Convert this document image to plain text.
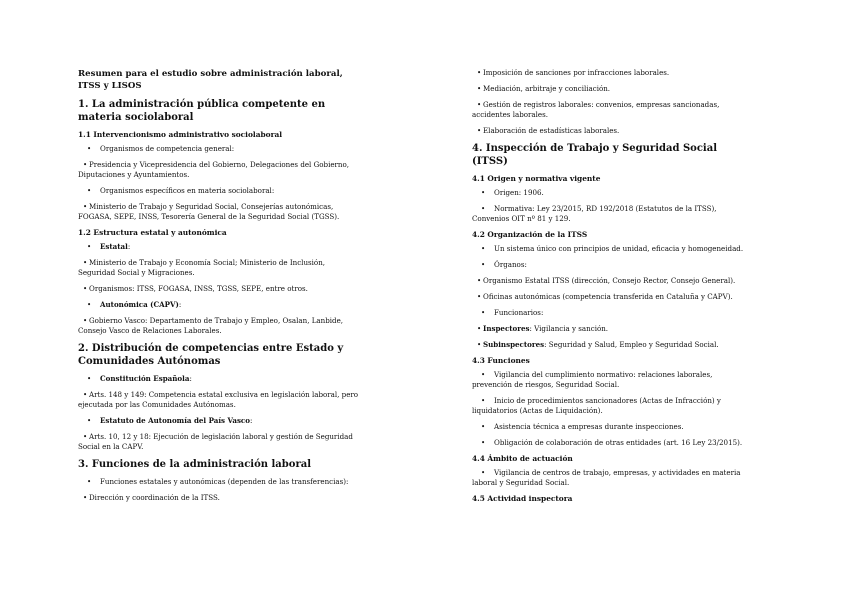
Resumen para el estudio sobre administración laboral, ITSS y LISOS

1. La administración pública competente en materia sociolaboral
1.1 Intervencionismo administrativo sociolaboral

• Organismos de competencia general:

• Presidencia y Vicepresidencia del Gobierno, Delegaciones del Gobierno, Diputaciones y Ayuntamientos.

• Organismos específicos en materia sociolaboral:

• Ministerio de Trabajo y Seguridad Social, Consejerías autonómicas, FOGASA, SEPE, INSS, Tesorería General de la Seguridad Social (TGSS).

1.2 Estructura estatal y autonómica

• Estatal:

• Ministerio de Trabajo y Economía Social; Ministerio de Inclusión, Seguridad Social y Migraciones.

• Organismos: ITSS, FOGASA, INSS, TGSS, SEPE, entre otros.

• Autonómica (CAPV):

• Gobierno Vasco: Departamento de Trabajo y Empleo, Osalan, Lanbide, Consejo Vasco de Relaciones Laborales.

2. Distribución de competencias entre Estado y Comunidades Autónomas

• Constitución Española:

• Arts. 148 y 149: Competencia estatal exclusiva en legislación laboral, pero ejecutada por las Comunidades Autónomas.

• Estatuto de Autonomía del País Vasco:

• Arts. 10, 12 y 18: Ejecución de legislación laboral y gestión de Seguridad Social en la CAPV.

3. Funciones de la administración laboral

• Funciones estatales y autonómicas (dependen de las transferencias):

• Dirección y coordinación de la ITSS.

• Imposición de sanciones por infracciones laborales.

• Mediación, arbitraje y conciliación.

• Gestión de registros laborales: convenios, empresas sancionadas, accidentes laborales.

• Elaboración de estadísticas laborales.

4. Inspección de Trabajo y Seguridad Social (ITSS)
4.1 Origen y normativa vigente

• Origen: 1906.

• Normativa: Ley 23/2015, RD 192/2018 (Estatutos de la ITSS), Convenios OIT nº 81 y 129.

4.2 Organización de la ITSS

• Un sistema único con principios de unidad, eficacia y homogeneidad.

• Órganos:

• Organismo Estatal ITSS (dirección, Consejo Rector, Consejo General).

• Oficinas autonómicas (competencia transferida en Cataluña y CAPV).

• Funcionarios:

• Inspectores: Vigilancia y sanción.

• Subinspectores: Seguridad y Salud, Empleo y Seguridad Social.

4.3 Funciones

• Vigilancia del cumplimiento normativo: relaciones laborales, prevención de riesgos, Seguridad Social.

• Inicio de procedimientos sancionadores (Actas de Infracción) y liquidatorios (Actas de Liquidación).

• Asistencia técnica a empresas durante inspecciones.

• Obligación de colaboración de otras entidades (art. 16 Ley 23/2015).

4.4 Ámbito de actuación

• Vigilancia de centros de trabajo, empresas, y actividades en materia laboral y Seguridad Social.

4.5 Actividad inspectora
